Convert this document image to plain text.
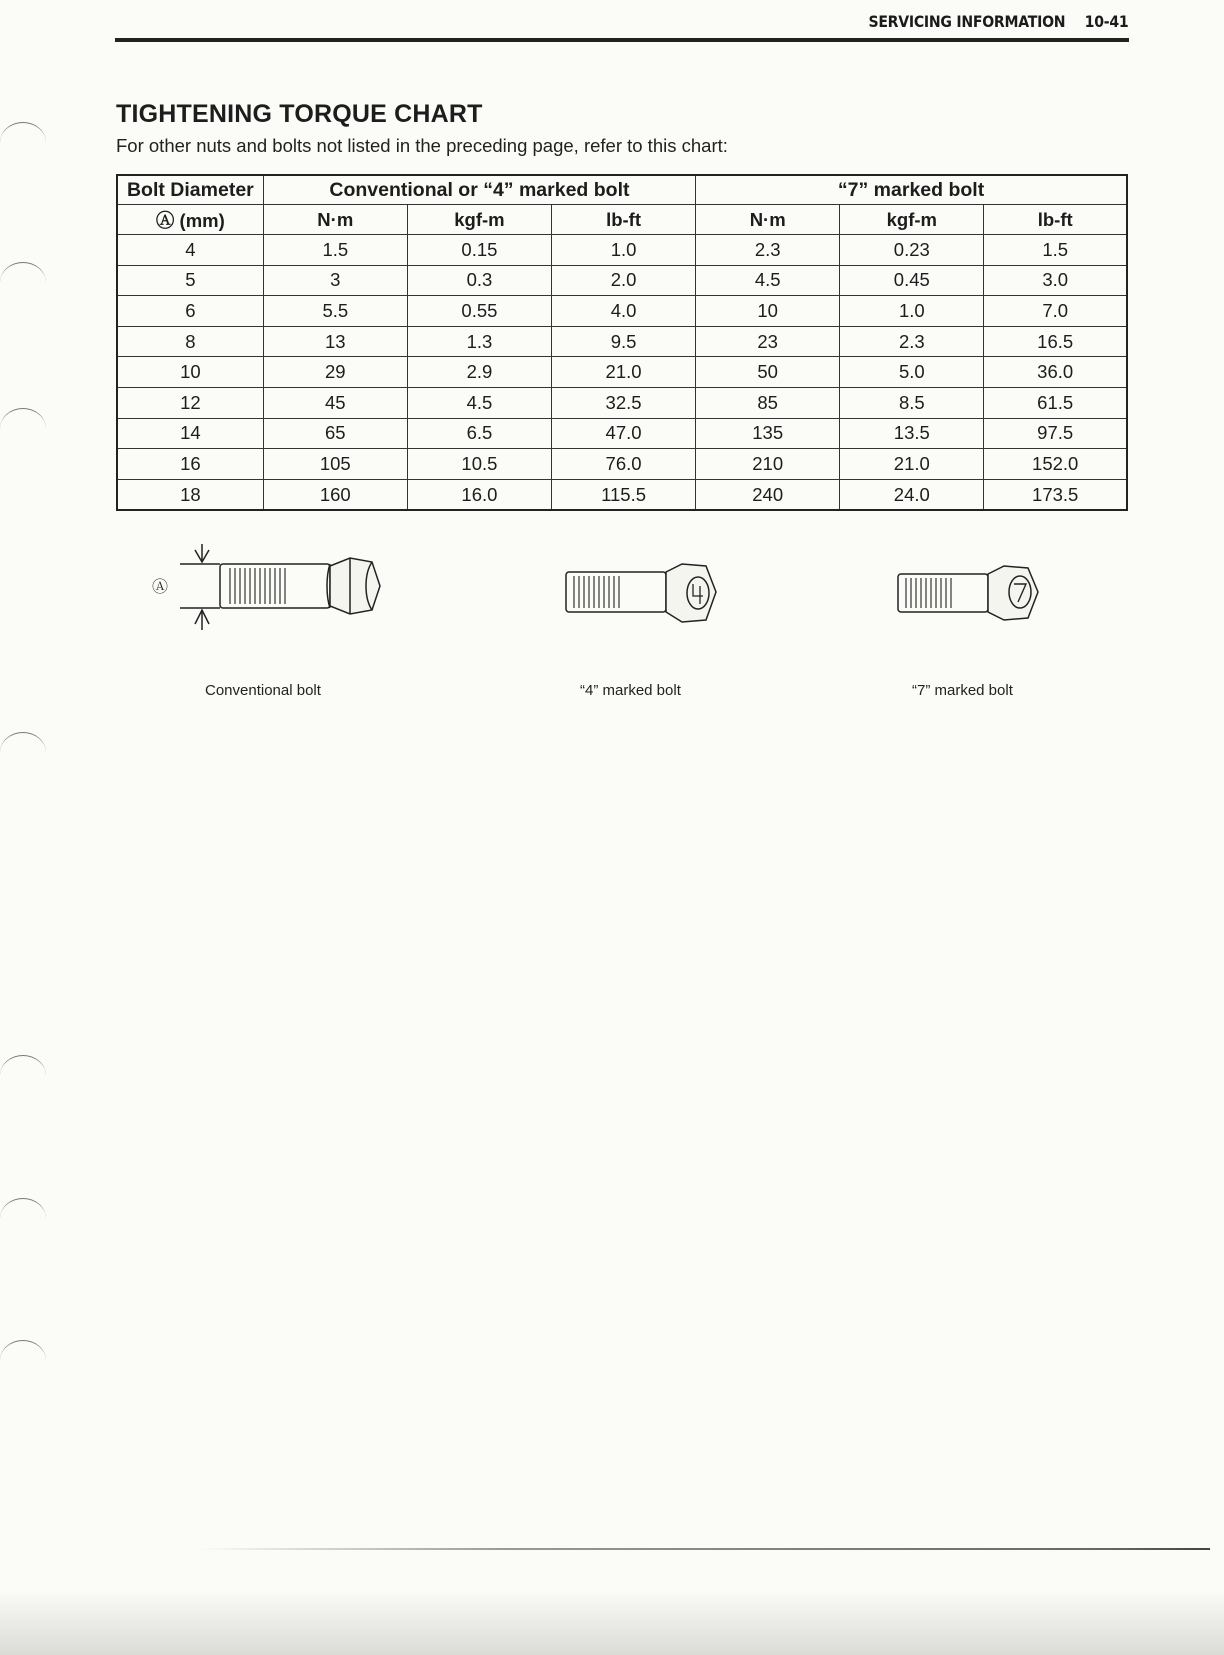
SERVICING INFORMATION 10-41
TIGHTENING TORQUE CHART
For other nuts and bolts not listed in the preceding page, refer to this chart:
Bolt Diameter	Conventional or “4” marked bolt			“7” marked bolt		
Ⓐ (mm)	N·m	kgf-m	lb-ft	N·m	kgf-m	lb-ft
4	1.5	0.15	1.0	2.3	0.23	1.5
5	3	0.3	2.0	4.5	0.45	3.0
6	5.5	0.55	4.0	10	1.0	7.0
8	13	1.3	9.5	23	2.3	16.5
10	29	2.9	21.0	50	5.0	36.0
12	45	4.5	32.5	85	8.5	61.5
14	65	6.5	47.0	135	13.5	97.5
16	105	10.5	76.0	210	21.0	152.0
18	160	16.0	115.5	240	24.0	173.5
Ⓐ
Conventional bolt	“4” marked bolt	“7” marked bolt
